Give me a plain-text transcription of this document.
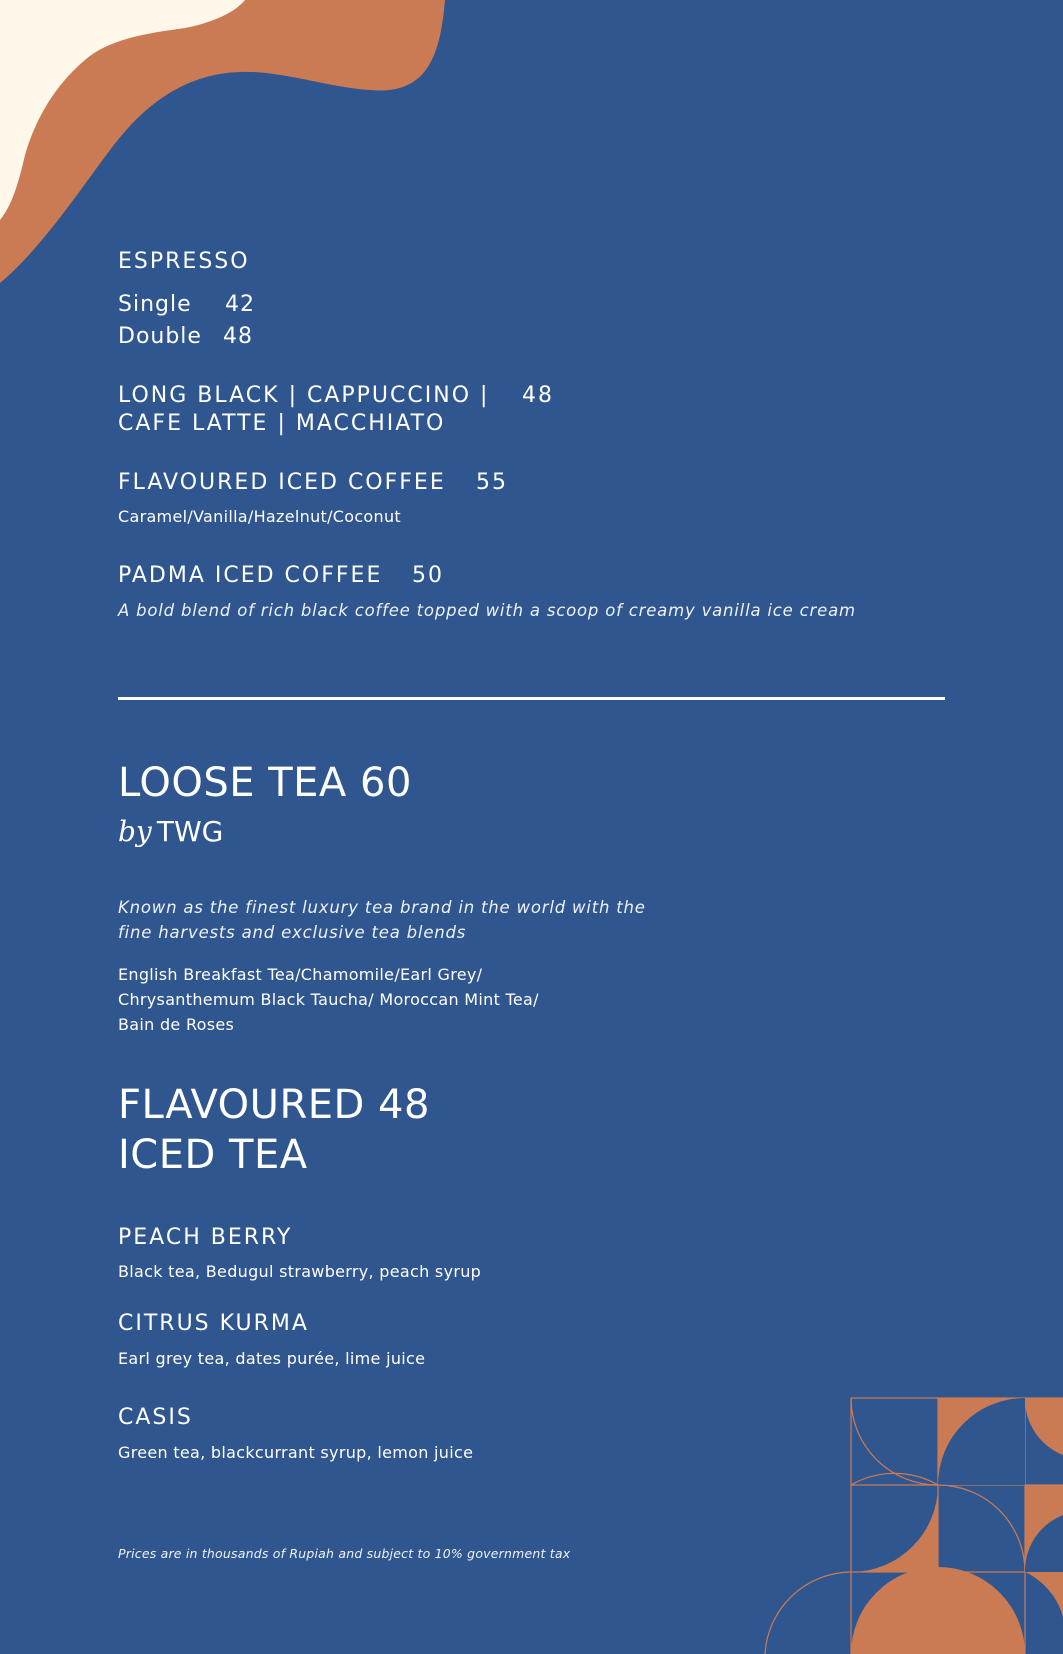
ESPRESSO
Single 42
Double 48
LONG BLACK | CAPPUCCINO | 48
CAFE LATTE | MACCHIATO
FLAVOURED ICED COFFEE 55
Caramel/Vanilla/Hazelnut/Coconut
PADMA ICED COFFEE 50
A bold blend of rich black coffee topped with a scoop of creamy vanilla ice cream
LOOSE TEA 60
by TWG
Known as the finest luxury tea brand in the world with the
fine harvests and exclusive tea blends
English Breakfast Tea/Chamomile/Earl Grey/
Chrysanthemum Black Taucha/ Moroccan Mint Tea/
Bain de Roses
FLAVOURED 48
ICED TEA
PEACH BERRY
Black tea, Bedugul strawberry, peach syrup
CITRUS KURMA
Earl grey tea, dates purée, lime juice
CASIS
Green tea, blackcurrant syrup, lemon juice
Prices are in thousands of Rupiah and subject to 10% government tax
